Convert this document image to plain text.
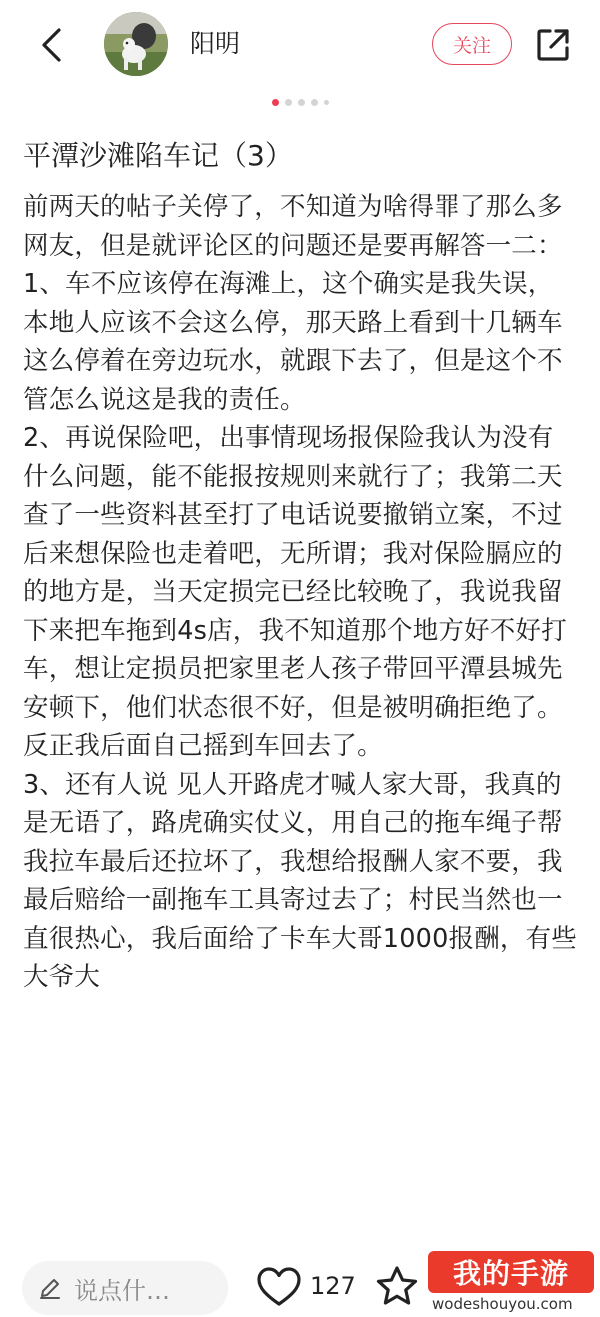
阳明	关注
平潭沙滩陷车记（3）

前两天的帖子关停了，不知道为啥得罪了那么多网友，但是就评论区的问题还是要再解答一二：

1、车不应该停在海滩上，这个确实是我失误，本地人应该不会这么停，那天路上看到十几辆车这么停着在旁边玩水，就跟下去了，但是这个不管怎么说这是我的责任。

2、再说保险吧，出事情现场报保险我认为没有什么问题，能不能报按规则来就行了；我第二天查了一些资料甚至打了电话说要撤销立案，不过后来想保险也走着吧，无所谓；我对保险膈应的的地方是，当天定损完已经比较晚了，我说我留下来把车拖到4s店，我不知道那个地方好不好打车，想让定损员把家里老人孩子带回平潭县城先安顿下，他们状态很不好，但是被明确拒绝了。反正我后面自己摇到车回去了。

3、还有人说 见人开路虎才喊人家大哥，我真的是无语了，路虎确实仗义，用自己的拖车绳子帮我拉车最后还拉坏了，我想给报酬人家不要，我最后赔给一副拖车工具寄过去了；村民当然也一直很热心，我后面给了卡车大哥1000报酬，有些大爷大

说点什…	127	我的手游
wodeshouyou.com
